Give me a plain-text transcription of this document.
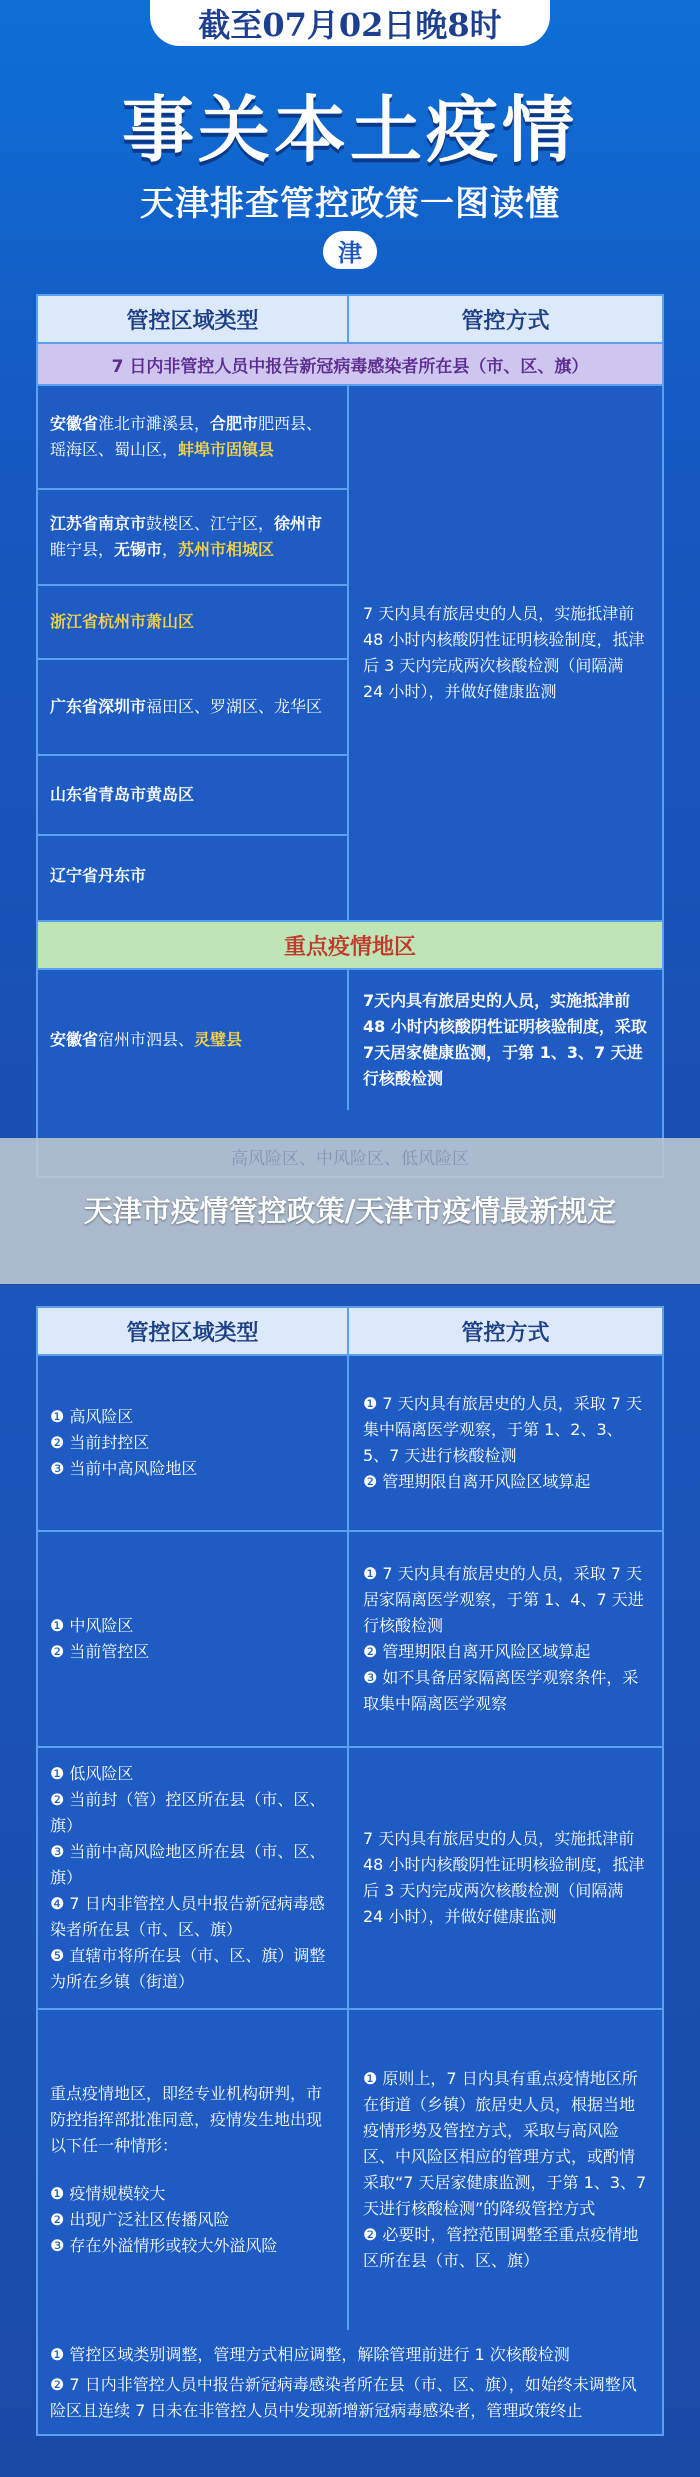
截至07月02日晚8时
事关本土疫情
天津排查管控政策一图读懂
津
管控区域类型	管控方式
7 日内非管控人员中报告新冠病毒感染者所在县（市、区、旗）
安徽省淮北市濉溪县，合肥市肥西县、瑶海区、蜀山区，蚌埠市固镇县
江苏省南京市鼓楼区、江宁区，徐州市睢宁县，无锡市，苏州市相城区
浙江省杭州市萧山区
广东省深圳市福田区、罗湖区、龙华区
山东省青岛市黄岛区
辽宁省丹东市
7 天内具有旅居史的人员，实施抵津前 48 小时内核酸阴性证明核验制度，抵津后 3 天内完成两次核酸检测（间隔满 24 小时），并做好健康监测
重点疫情地区
安徽省宿州市泗县、灵璧县
7天内具有旅居史的人员，实施抵津前 48 小时内核酸阴性证明核验制度，采取 7天居家健康监测，于第 1、3、7 天进行核酸检测
高风险区、中风险区、低风险区
天津市疫情管控政策/天津市疫情最新规定
管控区域类型	管控方式
❶ 高风险区
❷ 当前封控区
❸ 当前中高风险地区
❶ 7 天内具有旅居史的人员，采取 7 天集中隔离医学观察，于第 1、2、3、5、7 天进行核酸检测
❷ 管理期限自离开风险区域算起
❶ 中风险区
❷ 当前管控区
❶ 7 天内具有旅居史的人员，采取 7 天居家隔离医学观察，于第 1、4、7 天进行核酸检测
❷ 管理期限自离开风险区域算起
❸ 如不具备居家隔离医学观察条件，采取集中隔离医学观察
❶ 低风险区
❷ 当前封（管）控区所在县（市、区、旗）
❸ 当前中高风险地区所在县（市、区、旗）
❹ 7 日内非管控人员中报告新冠病毒感染者所在县（市、区、旗）
❺ 直辖市将所在县（市、区、旗）调整为所在乡镇（街道）
7 天内具有旅居史的人员，实施抵津前 48 小时内核酸阴性证明核验制度，抵津后 3 天内完成两次核酸检测（间隔满 24 小时），并做好健康监测
重点疫情地区，即经专业机构研判，市防控指挥部批准同意，疫情发生地出现以下任一种情形：
❶ 疫情规模较大
❷ 出现广泛社区传播风险
❸ 存在外溢情形或较大外溢风险
❶ 原则上，7 日内具有重点疫情地区所在街道（乡镇）旅居史人员，根据当地疫情形势及管控方式，采取与高风险区、中风险区相应的管理方式，或酌情采取“7 天居家健康监测，于第 1、3、7 天进行核酸检测”的降级管控方式
❷ 必要时，管控范围调整至重点疫情地区所在县（市、区、旗）

❶ 管控区域类别调整，管理方式相应调整，解除管理前进行 1 次核酸检测

❷ 7 日内非管控人员中报告新冠病毒感染者所在县（市、区、旗），如始终未调整风险区且连续 7 日未在非管控人员中发现新增新冠病毒感染者，管理政策终止
